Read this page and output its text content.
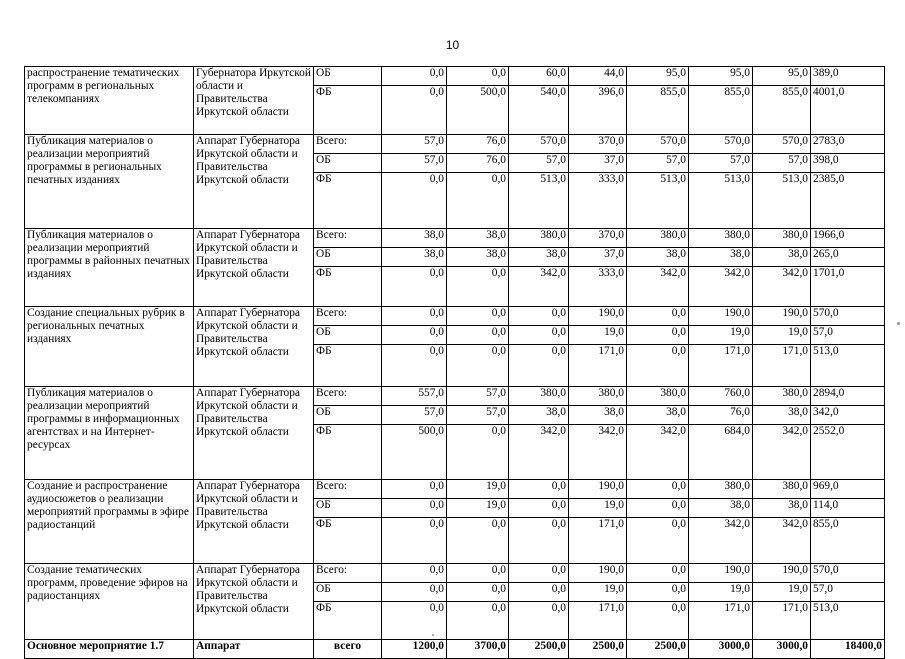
10
распространение тематических программ в региональных телекомпаниях	Губернатора Иркутской области и Правительства Иркутской области	ОБ	0,0	0,0	60,0	44,0	95,0	95,0	95,0	389,0
		ФБ	0,0	500,0	540,0	396,0	855,0	855,0	855,0	4001,0
Публикация материалов о реализации мероприятий программы в региональных печатных изданиях	Аппарат Губернатора Иркутской области и Правительства Иркутской области	Всего:	57,0	76,0	570,0	370,0	570,0	570,0	570,0	2783,0
		ОБ	57,0	76,0	57,0	37,0	57,0	57,0	57,0	398,0
		ФБ	0,0	0,0	513,0	333,0	513,0	513,0	513,0	2385,0
Публикация материалов о реализации мероприятий программы в районных печатных изданиях	Аппарат Губернатора Иркутской области и Правительства Иркутской области	Всего:	38,0	38,0	380,0	370,0	380,0	380,0	380,0	1966,0
		ОБ	38,0	38,0	38,0	37,0	38,0	38,0	38,0	265,0
		ФБ	0,0	0,0	342,0	333,0	342,0	342,0	342,0	1701,0
Создание специальных рубрик в региональных печатных изданиях	Аппарат Губернатора Иркутской области и Правительства Иркутской области	Всего:	0,0	0,0	0,0	190,0	0,0	190,0	190,0	570,0
		ОБ	0,0	0,0	0,0	19,0	0,0	19,0	19,0	57,0
		ФБ	0,0	0,0	0,0	171,0	0,0	171,0	171,0	513,0
Публикация материалов о реализации мероприятий программы в информационных агентствах и на Интернет-ресурсах	Аппарат Губернатора Иркутской области и Правительства Иркутской области	Всего:	557,0	57,0	380,0	380,0	380,0	760,0	380,0	2894,0
		ОБ	57,0	57,0	38,0	38,0	38,0	76,0	38,0	342,0
		ФБ	500,0	0,0	342,0	342,0	342,0	684,0	342,0	2552,0
Создание и распространение аудиосюжетов о реализации мероприятий программы в эфире радиостанций	Аппарат Губернатора Иркутской области и Правительства Иркутской области	Всего:	0,0	19,0	0,0	190,0	0,0	380,0	380,0	969,0
		ОБ	0,0	19,0	0,0	19,0	0,0	38,0	38,0	114,0
		ФБ	0,0	0,0	0,0	171,0	0,0	342,0	342,0	855,0
Создание тематических программ, проведение эфиров на радиостанциях	Аппарат Губернатора Иркутской области и Правительства Иркутской области	Всего:	0,0	0,0	0,0	190,0	0,0	190,0	190,0	570,0
		ОБ	0,0	0,0	0,0	19,0	0,0	19,0	19,0	57,0
		ФБ	0,0	0,0	0,0	171,0	0,0	171,0	171,0	513,0
Основное мероприятие 1.7	Аппарат	всего	1200,0	3700,0	2500,0	2500,0	2500,0	3000,0	3000,0	18400,0
